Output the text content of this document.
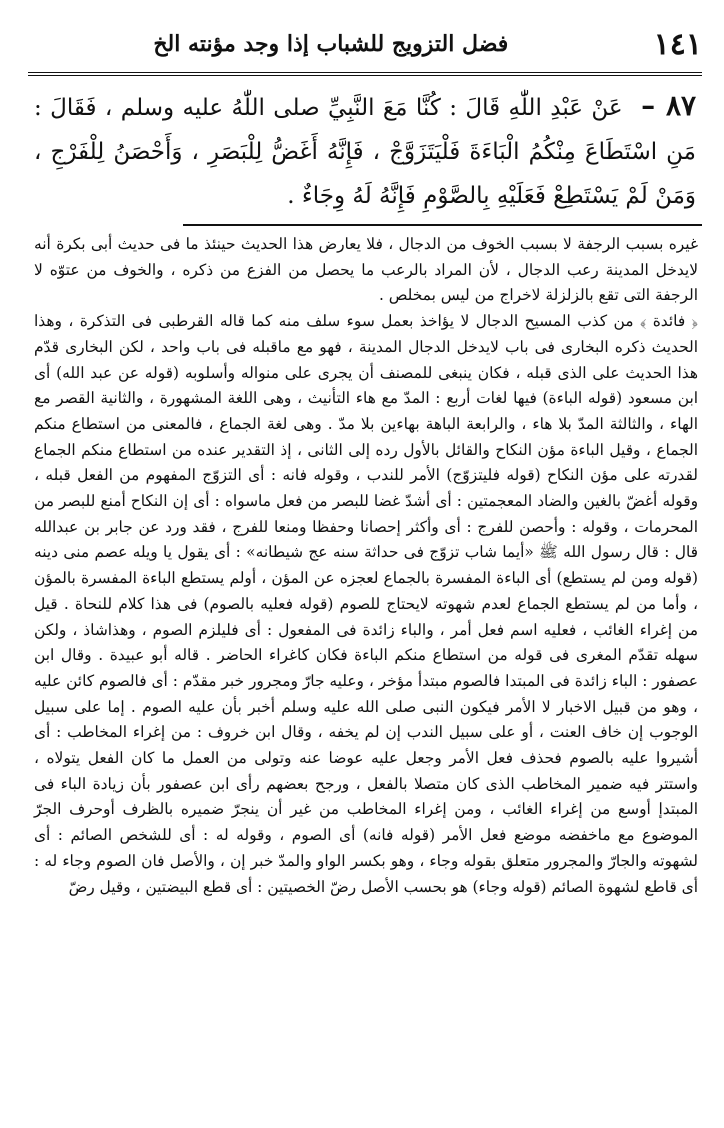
١٤١
فضل التزويج للشباب إذا وجد مؤنته الخ
٨٧ – عَنْ عَبْدِ اللّٰهِ قَالَ : كُنَّا مَعَ النَّبِيِّ صلى اللّٰهُ عليه وسلم ، فَقَالَ : مَنِ اسْتَطَاعَ مِنْكُمُ الْبَاءَةَ فَلْيَتَزَوَّجْ ، فَإِنَّهُ أَغَضُّ لِلْبَصَرِ ، وَأَحْصَنُ لِلْفَرْجِ ، وَمَنْ لَمْ يَسْتَطِعْ فَعَلَيْهِ بِالصَّوْمِ فَإِنَّهُ لَهُ وِجَاءٌ .

غيره بسبب الرجفة لا بسبب الخوف من الدجال ، فلا يعارض هذا الحديث حينئذ ما فى حديث أبى بكرة أنه لايدخل المدينة رعب الدجال ، لأن المراد بالرعب ما يحصل من الفزع من ذكره ، والخوف من عتوّه لا الرجفة التى تقع بالزلزلة لاخراج من ليس بمخلص .

﴿ فائدة ﴾ من كذب المسيح الدجال لا يؤاخذ بعمل سوء سلف منه كما قاله القرطبى فى التذكرة ، وهذا الحديث ذكره البخارى فى باب لايدخل الدجال المدينة ، فهو مع ماقبله فى باب واحد ، لكن البخارى قدّم هذا الحديث على الذى قبله ، فكان ينبغى للمصنف أن يجرى على منواله وأسلوبه (قوله عن عبد الله) أى ابن مسعود (قوله الباءة) فيها لغات أربع : المدّ مع هاء التأنيث ، وهى اللغة المشهورة ، والثانية القصر مع الهاء ، والثالثة المدّ بلا هاء ، والرابعة الباهة بهاءين بلا مدّ . وهى لغة الجماع ، فالمعنى من استطاع منكم الجماع ، وقيل الباءة مؤن النكاح والقائل بالأول رده إلى الثانى ، إذ التقدير عنده من استطاع منكم الجماع لقدرته على مؤن النكاح (قوله فليتزوّج) الأمر للندب ، وقوله فانه : أى التزوّج المفهوم من الفعل قبله ، وقوله أغضّ بالغين والضاد المعجمتين : أى أشدّ غضا للبصر من فعل ماسواه : أى إن النكاح أمنع للبصر من المحرمات ، وقوله : وأحصن للفرج : أى وأكثر إحصانا وحفظا ومنعا للفرج ، فقد ورد عن جابر بن عبدالله قال : قال رسول الله ﷺ «أيما شاب تزوّج فى حداثة سنه عج شيطانه» : أى يقول يا ويله عصم منى دينه (قوله ومن لم يستطع) أى الباءة المفسرة بالجماع لعجزه عن المؤن ، أولم يستطع الباءة المفسرة بالمؤن ، وأما من لم يستطع الجماع لعدم شهوته لايحتاج للصوم (قوله فعليه بالصوم) فى هذا كلام للنحاة . قيل من إغراء الغائب ، فعليه اسم فعل أمر ، والباء زائدة فى المفعول : أى فليلزم الصوم ، وهذاشاذ ، ولكن سهله تقدّم المغرى فى قوله من استطاع منكم الباءة فكان كاغراء الحاضر . قاله أبو عبيدة . وقال ابن عصفور : الباء زائدة فى المبتدا فالصوم مبتدأ مؤخر ، وعليه جارّ ومجرور خبر مقدّم : أى فالصوم كائن عليه ، وهو من قبيل الاخبار لا الأمر فيكون النبى صلى الله عليه وسلم أخبر بأن عليه الصوم . إما على سبيل الوجوب إن خاف العنت ، أو على سبيل الندب إن لم يخفه ، وقال ابن خروف : من إغراء المخاطب : أى أشيروا عليه بالصوم فحذف فعل الأمر وجعل عليه عوضا عنه وتولى من العمل ما كان الفعل يتولاه ، واستتر فيه ضمير المخاطب الذى كان متصلا بالفعل ، ورجح بعضهم رأى ابن عصفور بأن زيادة الباء فى المبتدإ أوسع من إغراء الغائب ، ومن إغراء المخاطب من غير أن ينجرّ ضميره بالظرف أوحرف الجرّ الموضوع مع ماخفضه موضع فعل الأمر (قوله فانه) أى الصوم ، وقوله له : أى للشخص الصائم : أى لشهوته والجارّ والمجرور متعلق بقوله وجاء ، وهو بكسر الواو والمدّ خبر إن ، والأصل فان الصوم وجاء له : أى قاطع لشهوة الصائم (قوله وجاء) هو بحسب الأصل رضّ الخصيتين : أى قطع البيضتين ، وقيل رضّ
